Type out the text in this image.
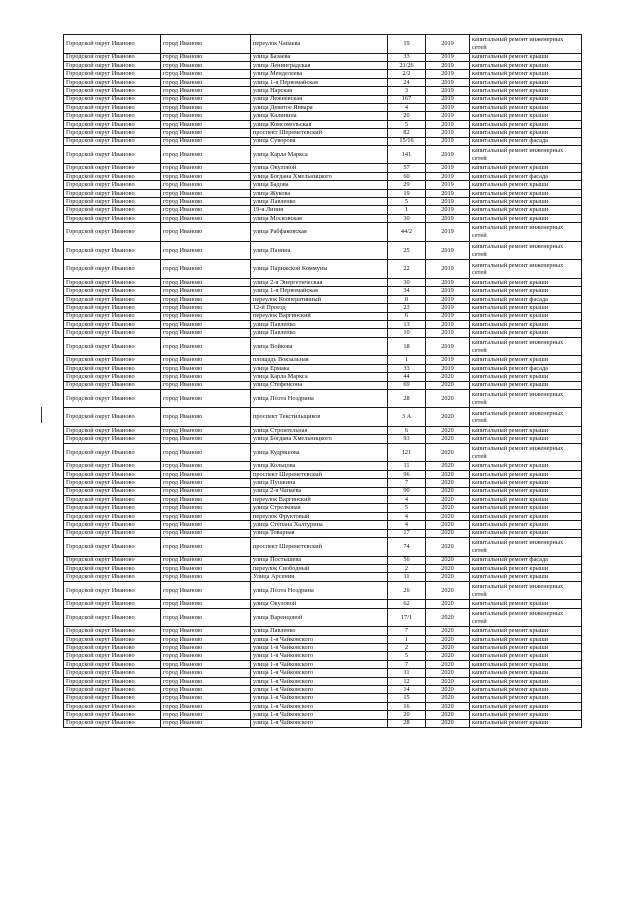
Городской округ Иваново	город Иваново	переулок Чапаева	19	2019	капитальный ремонт инженерных сетей
Городской округ Иваново	город Иваново	улица Базаева	33	2019	капитальный ремонт крыши
Городской округ Иваново	город Иваново	улица Ленинградская	21/26	2019	капитальный ремонт крыши
Городской округ Иваново	город Иваново	улица Менделеева	2/2	2019	капитальный ремонт крыши
Городской округ Иваново	город Иваново	улица 1-я Первомайская	24	2019	капитальный ремонт крыши
Городской округ Иваново	город Иваново	улица Нарская	3	2019	капитальный ремонт крыши
Городской округ Иваново	город Иваново	улица Лежневская	167	2019	капитальный ремонт крыши
Городской округ Иваново	город Иваново	улица Девятое Января	4	2019	капитальный ремонт крыши
Городской округ Иваново	город Иваново	улица Калинина	20	2019	капитальный ремонт крыши
Городской округ Иваново	город Иваново	улица Комсомольская	5	2019	капитальный ремонт крыши
Городской округ Иваново	город Иваново	проспект Шереметевский	82	2019	капитальный ремонт крыши
Городской округ Иваново	город Иваново	улица Суворова	15/16	2019	капитальный ремонт фасада
Городской округ Иваново	город Иваново	улица Карла Маркса	141	2019	капитальный ремонт инженерных сетей
Городской округ Иваново	город Иваново	улица Окуловой	57	2019	капитальный ремонт крыши
Городской округ Иваново	город Иваново	улица Богдана Хмельницкого	60	2019	капитальный ремонт фасада
Городской округ Иваново	город Иваново	улица Бадова	29	2019	капитальный ремонт крыши
Городской округ Иваново	город Иваново	улица Жукова	19	2019	капитальный ремонт крыши
Городской округ Иваново	город Иваново	улица Павленко	5	2019	капитальный ремонт крыши
Городской округ Иваново	город Иваново	19-я Линия	1	2019	капитальный ремонт крыши
Городской округ Иваново	город Иваново	улица Московская	30	2019	капитальный ремонт крыши
Городской округ Иваново	город Иваново	улица Рабфаковская	44/2	2019	капитальный ремонт инженерных сетей
Городской округ Иваново	город Иваново	улица Панина	25	2019	капитальный ремонт инженерных сетей
Городской округ Иваново	город Иваново	улица Парижской Коммуны	22	2019	капитальный ремонт инженерных сетей
Городской округ Иваново	город Иваново	улица 2-я Энергетическая	30	2019	капитальный ремонт крыши
Городской округ Иваново	город Иваново	улица 1-я Первомайская	34	2019	капитальный ремонт крыши
Городской округ Иваново	город Иваново	переулок Кооперативный	8	2019	капитальный ремонт фасада
Городской округ Иваново	город Иваново	12-й Проезд	23	2019	капитальный ремонт крыши
Городской округ Иваново	город Иваново	переулок Варгинский	6	2019	капитальный ремонт крыши
Городской округ Иваново	город Иваново	улица Павленко	13	2019	капитальный ремонт крыши
Городской округ Иваново	город Иваново	улица Павленко	10	2019	капитальный ремонт крыши
Городской округ Иваново	город Иваново	улица Войкова	18	2019	капитальный ремонт инженерных сетей
Городской округ Иваново	город Иваново	площадь Вокзальная	1	2019	капитальный ремонт крыши
Городской округ Иваново	город Иваново	улица Ермака	33	2019	капитальный ремонт фасада
Городской округ Иваново	город Иваново	улица Карла Маркса	44	2020	капитальный ремонт крыши
Городской округ Иваново	город Иваново	улица Стефенсона	69	2020	капитальный ремонт крыши
Городской округ Иваново	город Иваново	улица Поэта Ноздрина	28	2020	капитальный ремонт инженерных сетей
Городской округ Иваново	город Иваново	проспект Текстильщиков	3 А	2020	капитальный ремонт инженерных сетей
Городской округ Иваново	город Иваново	улица Строительная	6	2020	капитальный ремонт крыши
Городской округ Иваново	город Иваново	улица Богдана Хмельницкого	93	2020	капитальный ремонт крыши
Городской округ Иваново	город Иваново	улица Кудряшова	121	2020	капитальный ремонт инженерных сетей
Городской округ Иваново	город Иваново	улица Кольцова	11	2020	капитальный ремонт крыши
Городской округ Иваново	город Иваново	проспект Шереметевский	96	2020	капитальный ремонт крыши
Городской округ Иваново	город Иваново	улица Пушкина	7	2020	капитальный ремонт крыши
Городской округ Иваново	город Иваново	улица 2-я Чапаева	90	2020	капитальный ремонт крыши
Городской округ Иваново	город Иваново	переулок Варгинский	4	2020	капитальный ремонт крыши
Городской округ Иваново	город Иваново	улица Стрелковая	5	2020	капитальный ремонт крыши
Городской округ Иваново	город Иваново	переулок Фруктовый	4	2020	капитальный ремонт крыши
Городской округ Иваново	город Иваново	улица Степана Халтурина	4	2020	капитальный ремонт крыши
Городской округ Иваново	город Иваново	улица Товарная	17	2020	капитальный ремонт крыши
Городской округ Иваново	город Иваново	проспект Шереметевский	74	2020	капитальный ремонт инженерных сетей
Городской округ Иваново	город Иваново	улица Постышева	56	2020	капитальный ремонт фасада
Городской округ Иваново	город Иваново	переулок Свободный	2	2020	капитальный ремонт крыши
Городской округ Иваново	город Иваново	Улица Арсения	11	2020	капитальный ремонт крыши
Городской округ Иваново	город Иваново	улица Поэта Ноздрина	26	2020	капитальный ремонт инженерных сетей
Городской округ Иваново	город Иваново	улица Окуловой	62	2020	капитальный ремонт крыши
Городской округ Иваново	город Иваново	улица Варенцовой	17/1	2020	капитальный ремонт инженерных сетей
Городской округ Иваново	город Иваново	улица Павленко	7	2020	капитальный ремонт крыши
Городской округ Иваново	город Иваново	улица 1-я Чайковского	1	2020	капитальный ремонт крыши
Городской округ Иваново	город Иваново	улица 1-я Чайковского	2	2020	капитальный ремонт крыши
Городской округ Иваново	город Иваново	улица 1-я Чайковского	5	2020	капитальный ремонт крыши
Городской округ Иваново	город Иваново	улица 1-я Чайковского	7	2020	капитальный ремонт крыши
Городской округ Иваново	город Иваново	улица 1-я Чайковского	11	2020	капитальный ремонт крыши
Городской округ Иваново	город Иваново	улица 1-я Чайковского	12	2020	капитальный ремонт крыши
Городской округ Иваново	город Иваново	улица 1-я Чайковского	14	2020	капитальный ремонт крыши
Городской округ Иваново	город Иваново	улица 1-я Чайковского	15	2020	капитальный ремонт крыши
Городской округ Иваново	город Иваново	улица 1-я Чайковского	16	2020	капитальный ремонт крыши
Городской округ Иваново	город Иваново	улица 1-я Чайковского	20	2020	капитальный ремонт крыши
Городской округ Иваново	город Иваново	улица 1-я Чайковского	28	2020	капитальный ремонт крыши
